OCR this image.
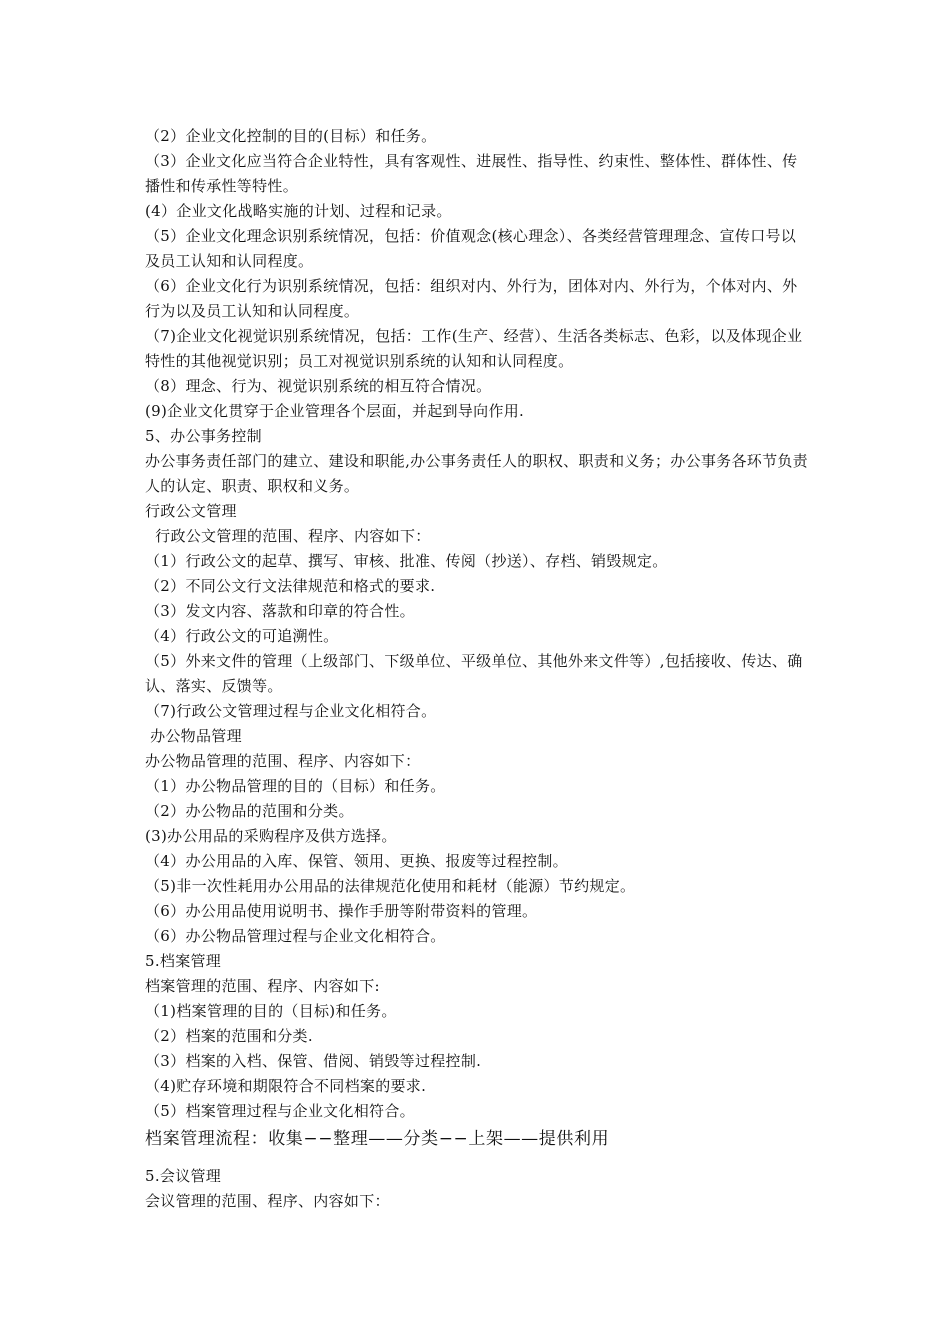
（2）企业文化控制的目的(目标）和任务。
（3）企业文化应当符合企业特性，具有客观性、进展性、指导性、约束性、整体性、群体性、传播性和传承性等特性。
(4）企业文化战略实施的计划、过程和记录。
（5）企业文化理念识别系统情况，包括：价值观念(核心理念）、各类经营管理理念、宣传口号以及员工认知和认同程度。
（6）企业文化行为识别系统情况，包括：组织对内、外行为，团体对内、外行为，个体对内、外行为以及员工认知和认同程度。
（7)企业文化视觉识别系统情况，包括：工作(生产、经营）、生活各类标志、色彩，以及体现企业特性的其他视觉识别；员工对视觉识别系统的认知和认同程度。
（8）理念、行为、视觉识别系统的相互符合情况。
(9)企业文化贯穿于企业管理各个层面，并起到导向作用.
5、办公事务控制
办公事务责任部门的建立、建设和职能,办公事务责任人的职权、职责和义务；办公事务各环节负责人的认定、职责、职权和义务。
行政公文管理
行政公文管理的范围、程序、内容如下：
（1）行政公文的起草、撰写、审核、批准、传阅（抄送）、存档、销毁规定。
（2）不同公文行文法律规范和格式的要求.
（3）发文内容、落款和印章的符合性。
（4）行政公文的可追溯性。
（5）外来文件的管理（上级部门、下级单位、平级单位、其他外来文件等）,包括接收、传达、确认、落实、反馈等。
（7)行政公文管理过程与企业文化相符合。
办公物品管理
办公物品管理的范围、程序、内容如下：
（1）办公物品管理的目的（目标）和任务。
（2）办公物品的范围和分类。
(3)办公用品的采购程序及供方选择。
（4）办公用品的入库、保管、领用、更换、报废等过程控制。
（5)非一次性耗用办公用品的法律规范化使用和耗材（能源）节约规定。
（6）办公用品使用说明书、操作手册等附带资料的管理。
（6）办公物品管理过程与企业文化相符合。
5.档案管理
档案管理的范围、程序、内容如下:
（1)档案管理的目的（目标)和任务。
（2）档案的范围和分类.
（3）档案的入档、保管、借阅、销毁等过程控制.
（4)贮存环境和期限符合不同档案的要求.
（5）档案管理过程与企业文化相符合。
档案管理流程：收集−−整理——分类−−上架——提供利用
5.会议管理
会议管理的范围、程序、内容如下：
